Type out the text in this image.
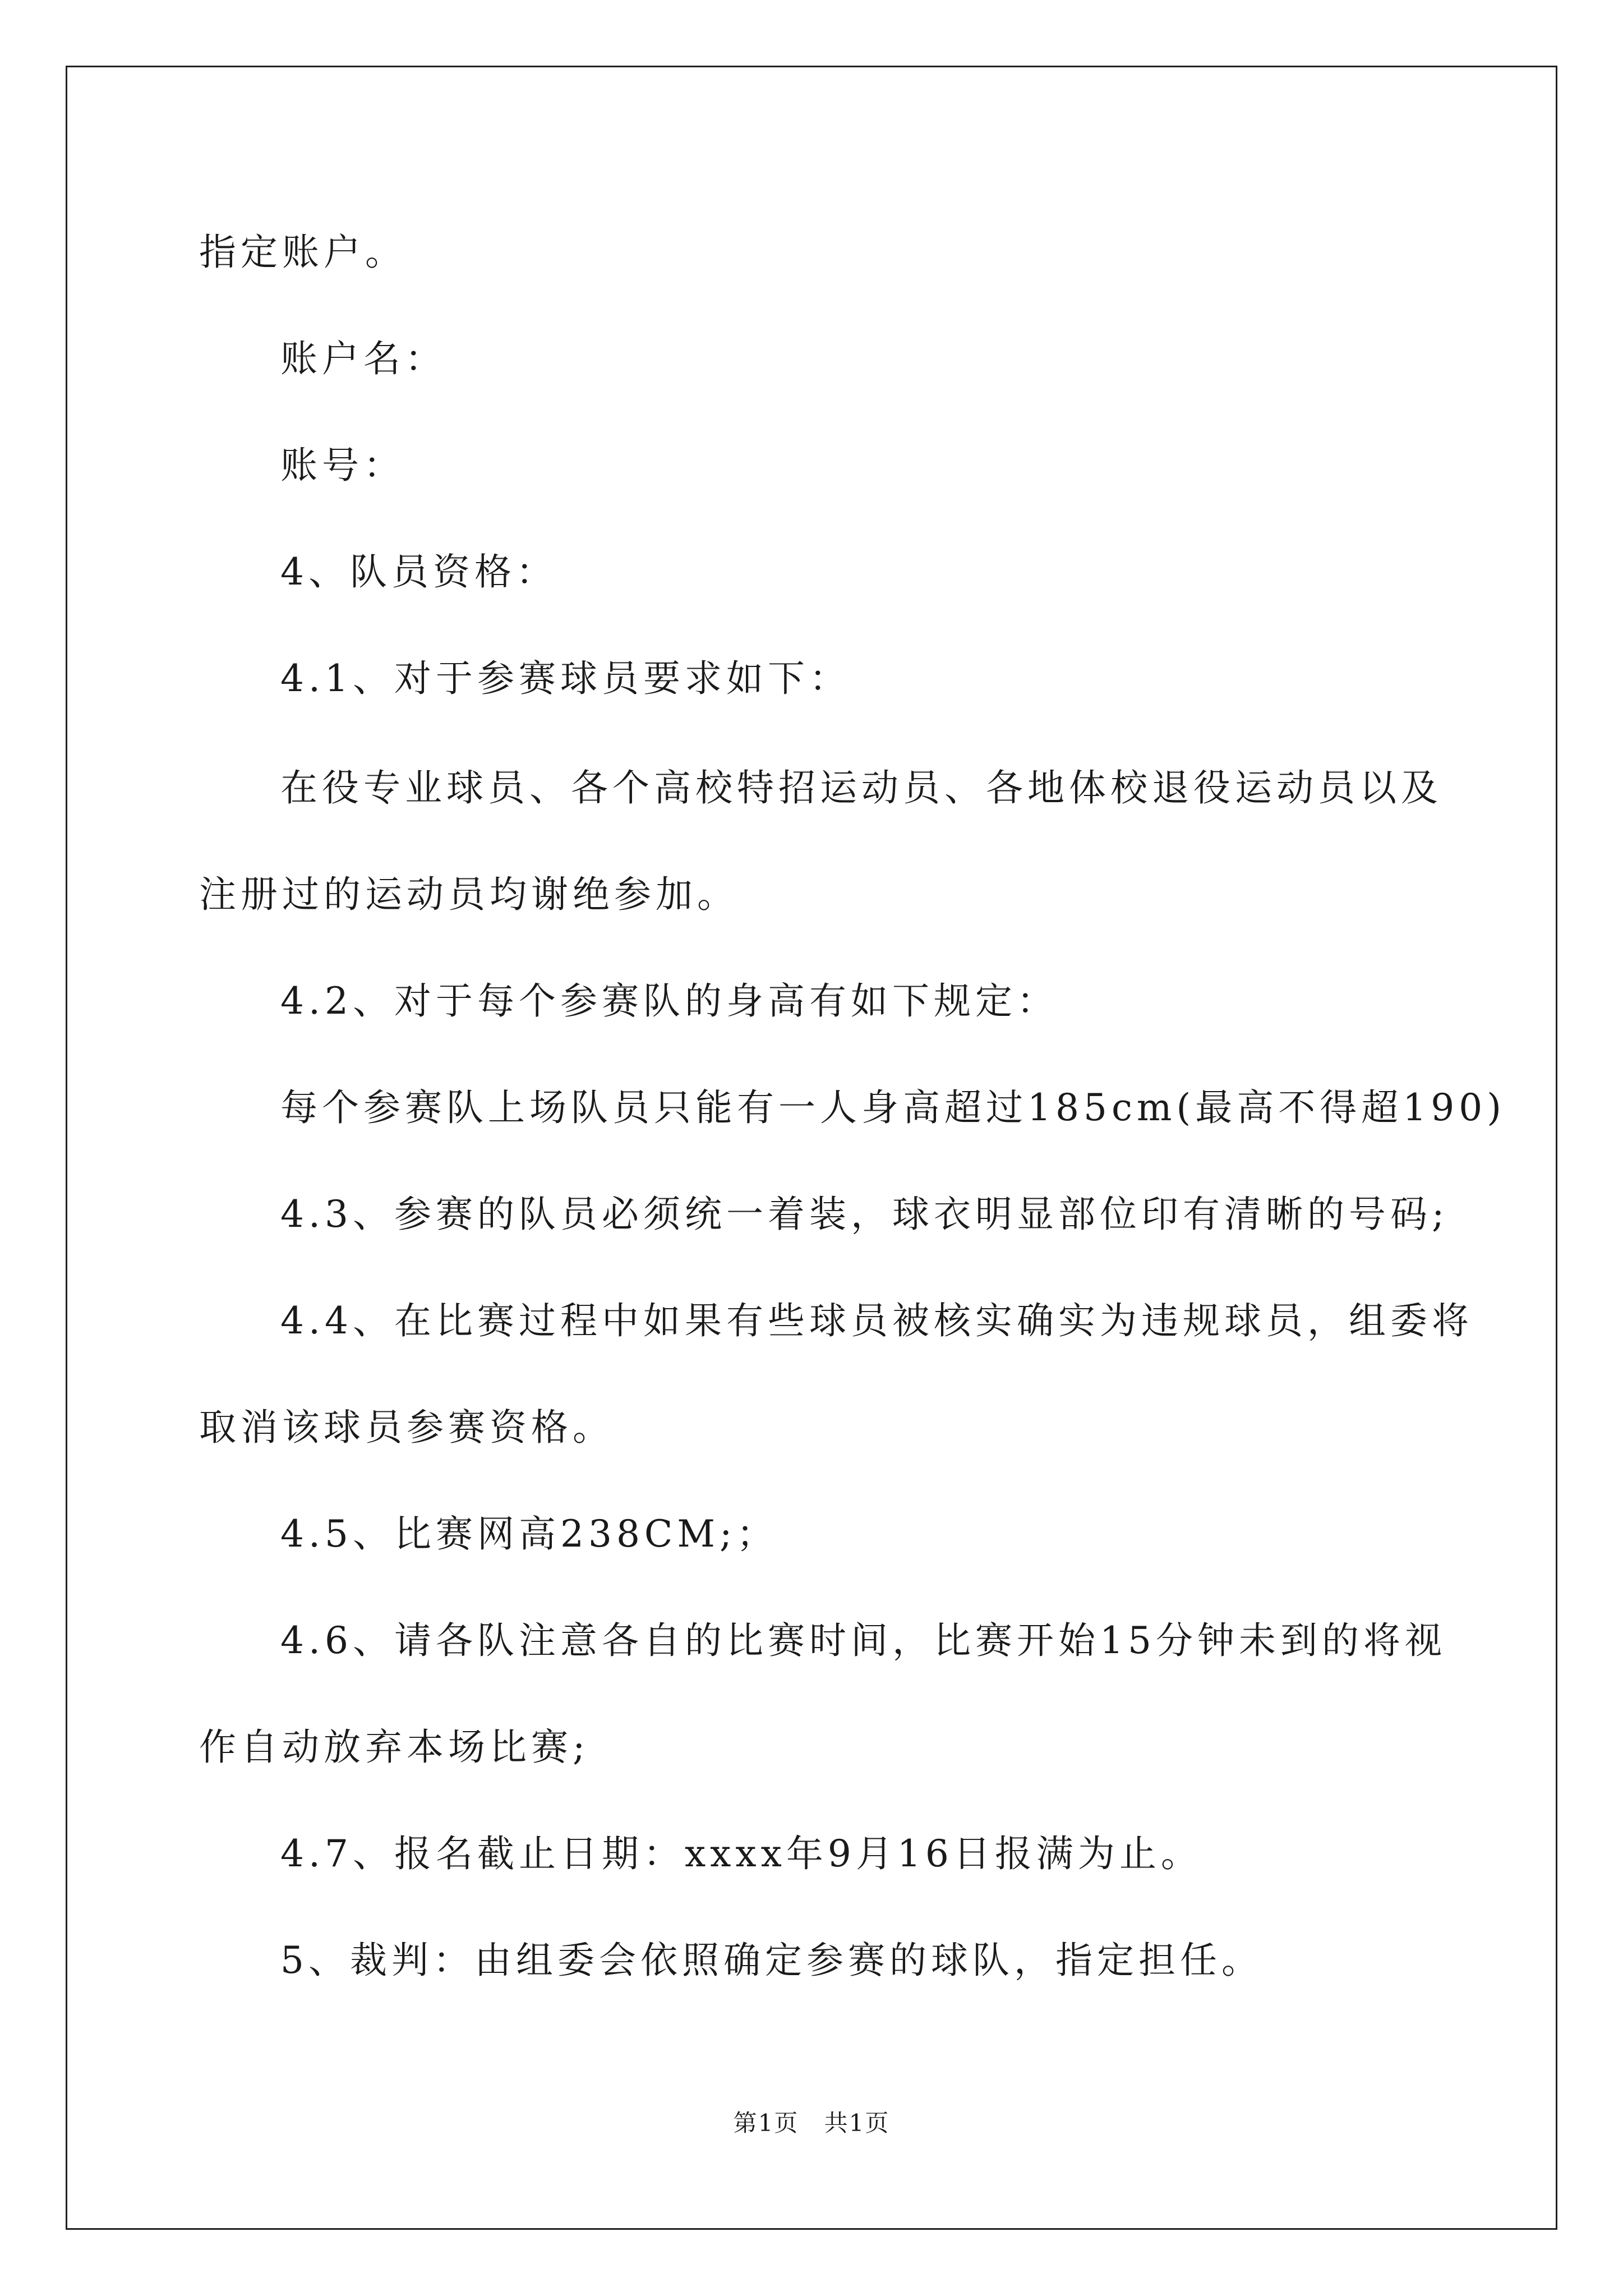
指定账户。
账户名：
账号：
4、队员资格：
4.1、对于参赛球员要求如下：
在役专业球员、各个高校特招运动员、各地体校退役运动员以及
注册过的运动员均谢绝参加。
4.2、对于每个参赛队的身高有如下规定：
每个参赛队上场队员只能有一人身高超过185cm(最高不得超190)
4.3、参赛的队员必须统一着装，球衣明显部位印有清晰的号码;
4.4、在比赛过程中如果有些球员被核实确实为违规球员，组委将
取消该球员参赛资格。
4.5、比赛网高238CM;；
4.6、请各队注意各自的比赛时间，比赛开始15分钟未到的将视
作自动放弃本场比赛;
4.7、报名截止日期：xxxx年9月16日报满为止。
5、裁判：由组委会依照确定参赛的球队，指定担任。
第1页 共1页
